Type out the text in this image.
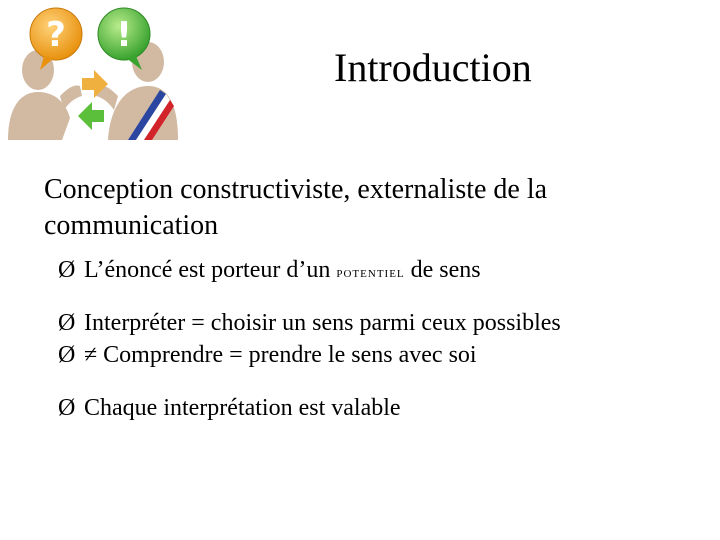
? !
Introduction
Conception constructiviste, externaliste de la communication
Ø L’énoncé est porteur d’un POTENTIEL de sens
Ø Interpréter = choisir un sens parmi ceux possibles
Ø ≠ Comprendre = prendre le sens avec soi
Ø Chaque interprétation est valable
